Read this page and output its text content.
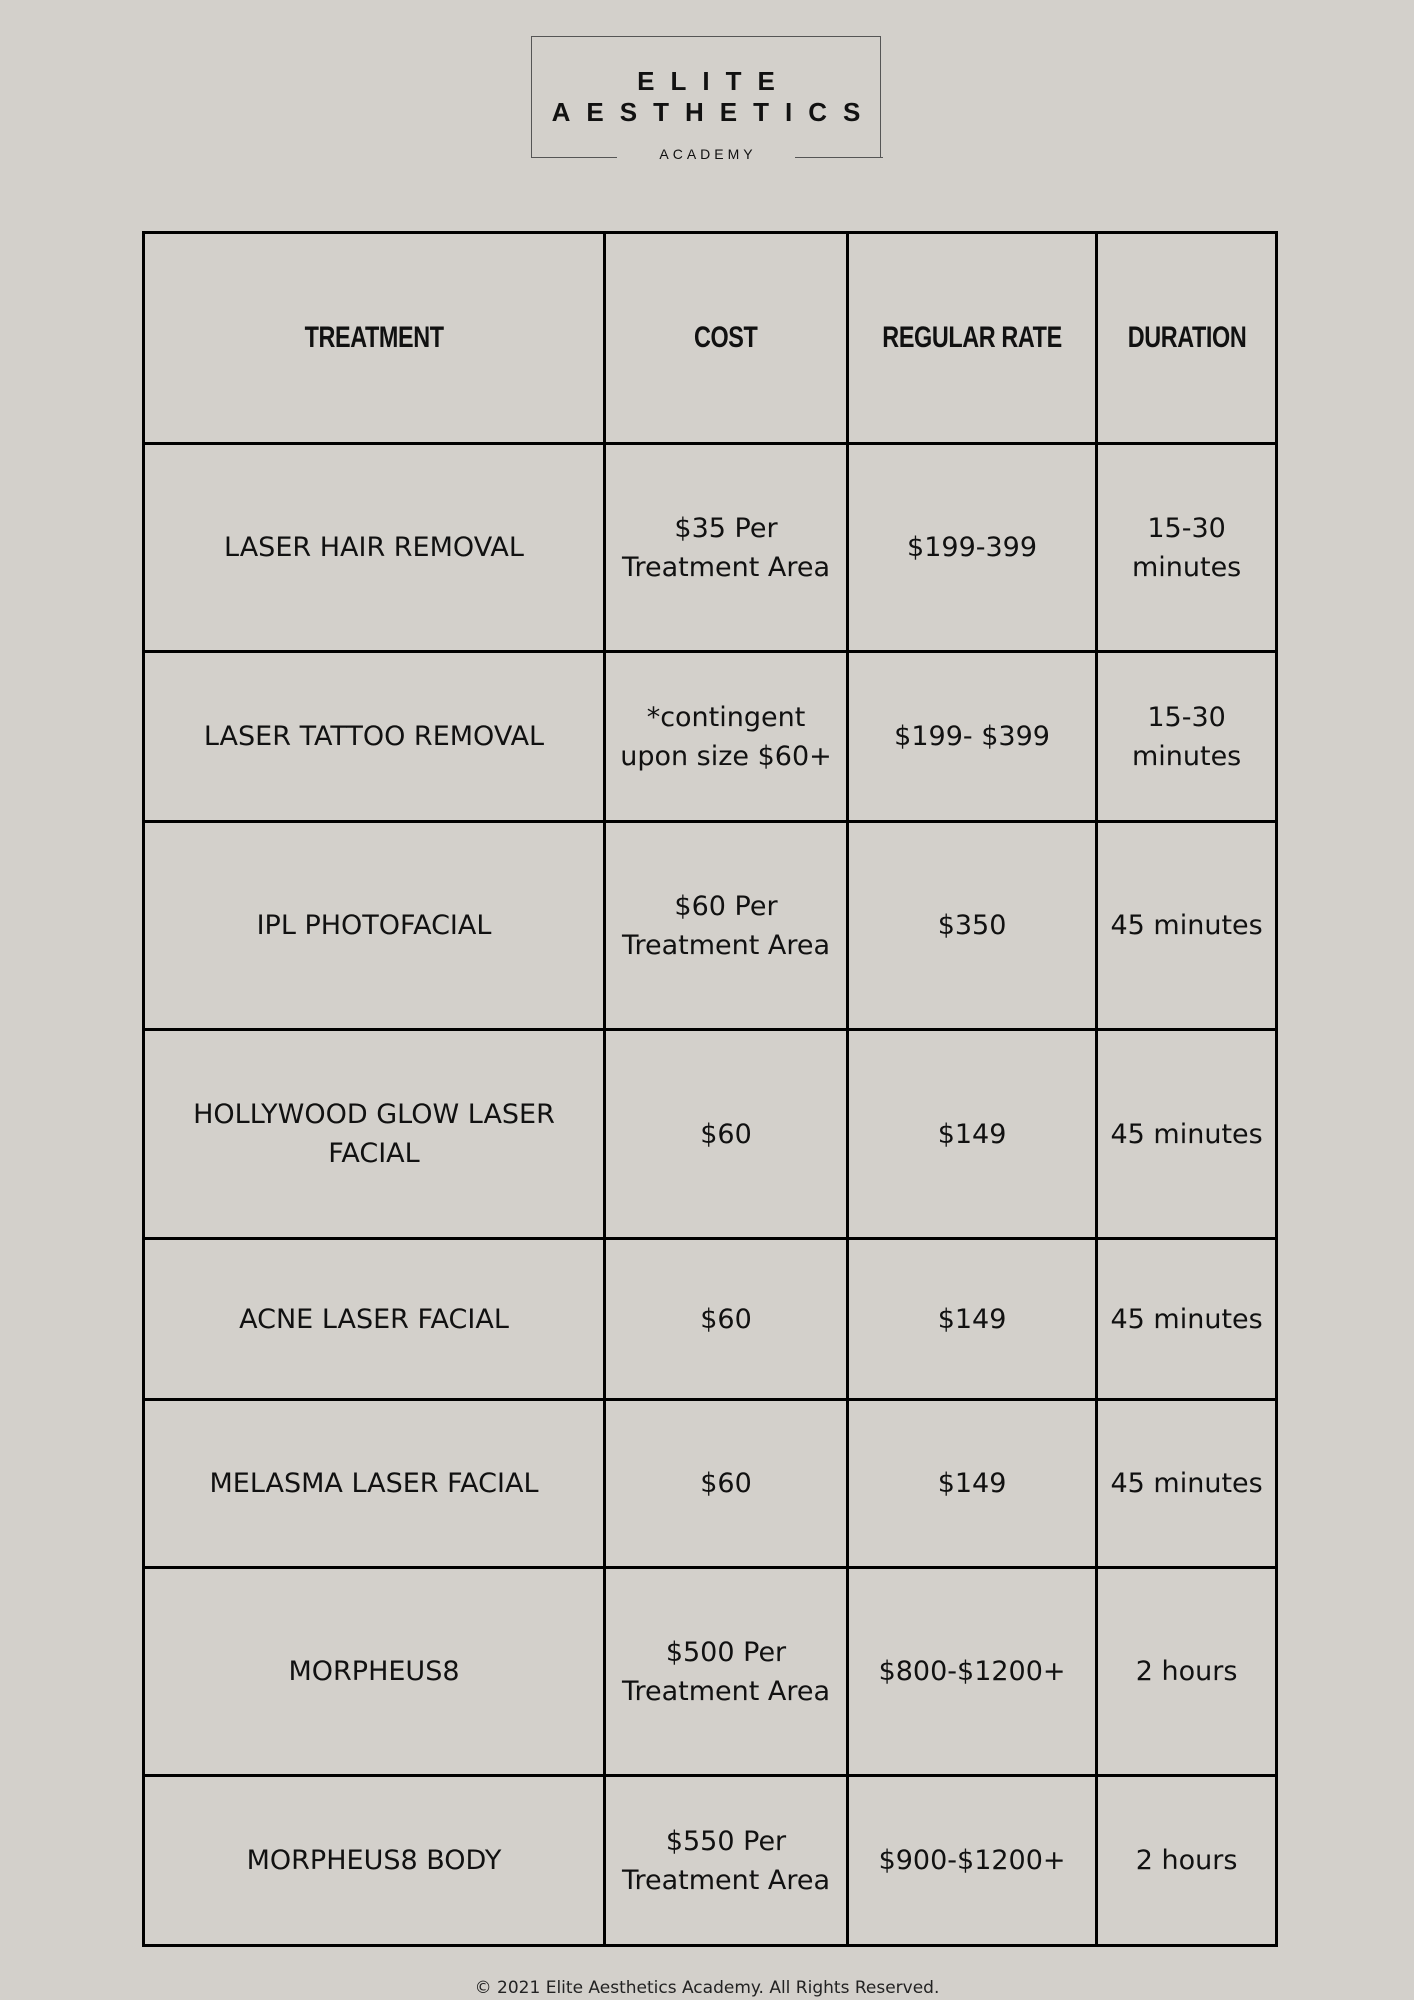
ELITE
AESTHETICS
ACADEMY
TREATMENT	COST	REGULAR RATE	DURATION
LASER HAIR REMOVAL	$35 Per Treatment Area	$199-399	15-30 minutes
LASER TATTOO REMOVAL	*contingent upon size $60+	$199- $399	15-30 minutes
IPL PHOTOFACIAL	$60 Per Treatment Area	$350	45 minutes
HOLLYWOOD GLOW LASER FACIAL	$60	$149	45 minutes
ACNE LASER FACIAL	$60	$149	45 minutes
MELASMA LASER FACIAL	$60	$149	45 minutes
MORPHEUS8	$500 Per Treatment Area	$800-$1200+	2 hours
MORPHEUS8 BODY	$550 Per Treatment Area	$900-$1200+	2 hours
© 2021 Elite Aesthetics Academy. All Rights Reserved.
